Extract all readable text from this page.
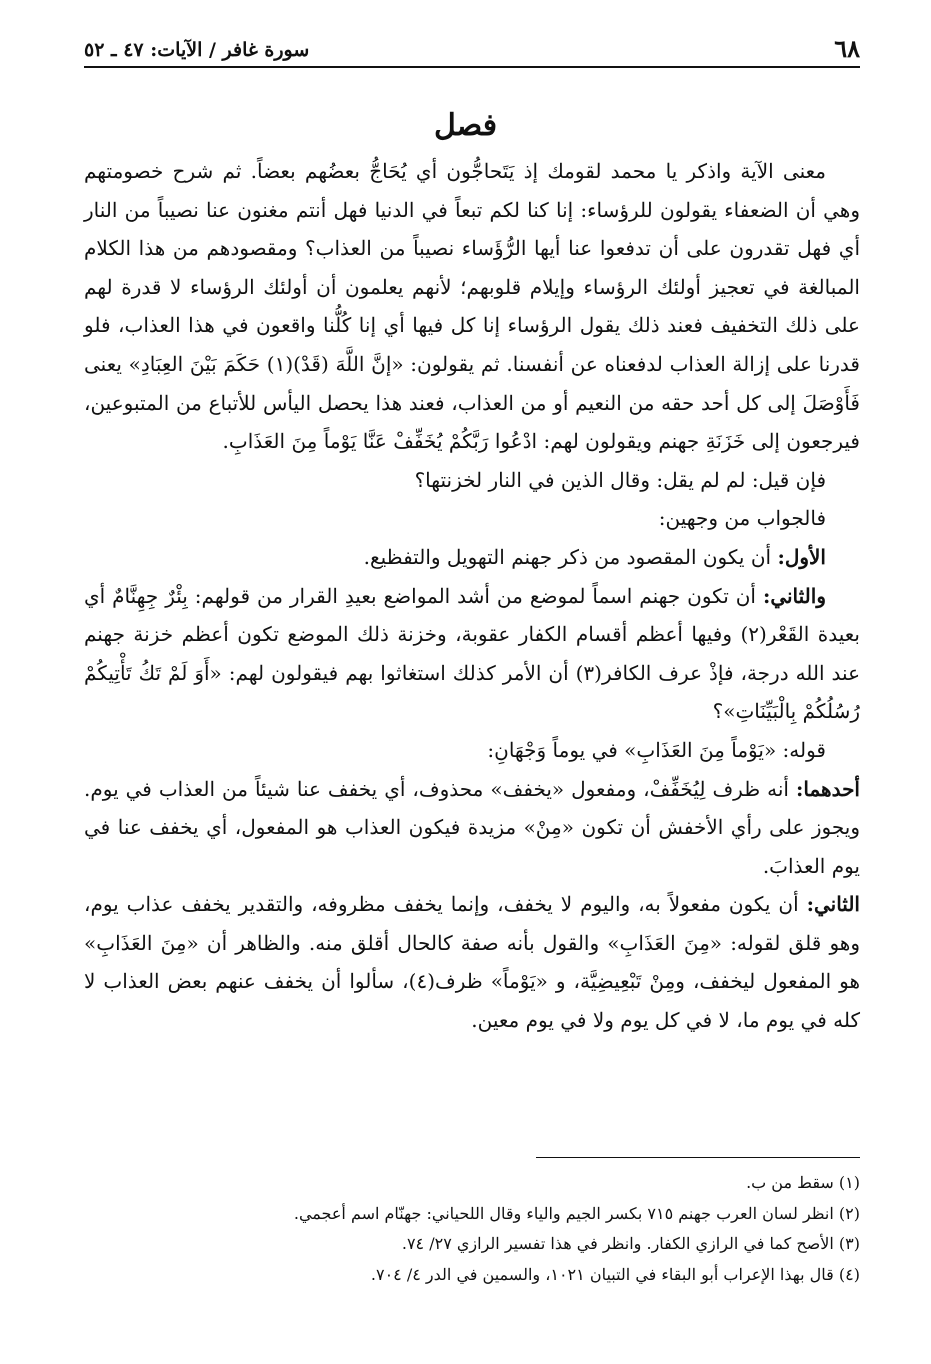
٦٨
سورة غافر / الآيات: ٤٧ ـ ٥٢
فصل

معنى الآية واذكر يا محمد لقومك إذ يَتَحاجُّون أي يُحَاجُّ بعضُهم بعضاً. ثم شرح خصومتهم وهي أن الضعفاء يقولون للرؤساء: إنا كنا لكم تبعاً في الدنيا فهل أنتم مغنون عنا نصيباً من النار أي فهل تقدرون على أن تدفعوا عنا أيها الرُّؤَساء نصيباً من العذاب؟ ومقصودهم من هذا الكلام المبالغة في تعجيز أولئك الرؤساء وإيلام قلوبهم؛ لأنهم يعلمون أن أولئك الرؤساء لا قدرة لهم على ذلك التخفيف فعند ذلك يقول الرؤساء إنا كل فيها أي إنا كُلُّنا واقعون في هذا العذاب، فلو قدرنا على إزالة العذاب لدفعناه عن أنفسنا. ثم يقولون: «إنَّ اللَّهَ (قَدْ)(١) حَكَمَ بَيْنَ العِبَادِ» يعنى فَأَوْصَلَ إلى كل أحد حقه من النعيم أو من العذاب، فعند هذا يحصل اليأس للأتباع من المتبوعين، فيرجعون إلى خَزَنَةِ جهنم ويقولون لهم: ادْعُوا رَبَّكُمْ يُخَفِّفْ عَنَّا يَوْماً مِنَ العَذَابِ.

فإن قيل: لم لم يقل: وقال الذين في النار لخزنتها؟

فالجواب من وجهين:

الأول: أن يكون المقصود من ذكر جهنم التهويل والتفظيع.

والثاني: أن تكون جهنم اسماً لموضع من أشد المواضع بعيدِ القرار من قولهم: بِئْرٌ جِهِنَّامٌ أي بعيدة القَعْر(٢) وفيها أعظم أقسام الكفار عقوبة، وخزنة ذلك الموضع تكون أعظم خزنة جهنم عند الله درجة، فإذْ عرف الكافر(٣) أن الأمر كذلك استغاثوا بهم فيقولون لهم: «أَوَ لَمْ تَكُ تَأْتِيكُمْ رُسُلُكُمْ بِالْبَيِّنَاتِ»؟

قوله: «يَوْماً مِنَ العَذَابِ» في يوماً وَجْهَانِ:

أحدهما: أنه ظرف لِيُخَفِّفْ، ومفعول «يخفف» محذوف، أي يخفف عنا شيئاً من العذاب في يوم. ويجوز على رأي الأخفش أن تكون «مِنْ» مزيدة فيكون العذاب هو المفعول، أي يخفف عنا في يوم العذابَ.

الثاني: أن يكون مفعولاً به، واليوم لا يخفف، وإنما يخفف مظروفه، والتقدير يخفف عذاب يوم، وهو قلق لقوله: «مِنَ العَذَابِ» والقول بأنه صفة كالحال أقلق منه. والظاهر أن «مِنَ العَذَابِ» هو المفعول ليخفف، ومِنْ تَبْعِيضِيَّة، و «يَوْماً» ظرف(٤)، سألوا أن يخفف عنهم بعض العذاب لا كله في يوم ما، لا في كل يوم ولا في يوم معين.

(١) سقط من ب.

(٢) انظر لسان العرب جهنم ٧١٥ بكسر الجيم والياء وقال اللحياني: جهنّام اسم أعجمي.

(٣) الأصح كما في الرازي الكفار. وانظر في هذا تفسير الرازي ٢٧/ ٧٤.

(٤) قال بهذا الإعراب أبو البقاء في التبيان ١٠٢١، والسمين في الدر ٤/ ٧٠٤.
